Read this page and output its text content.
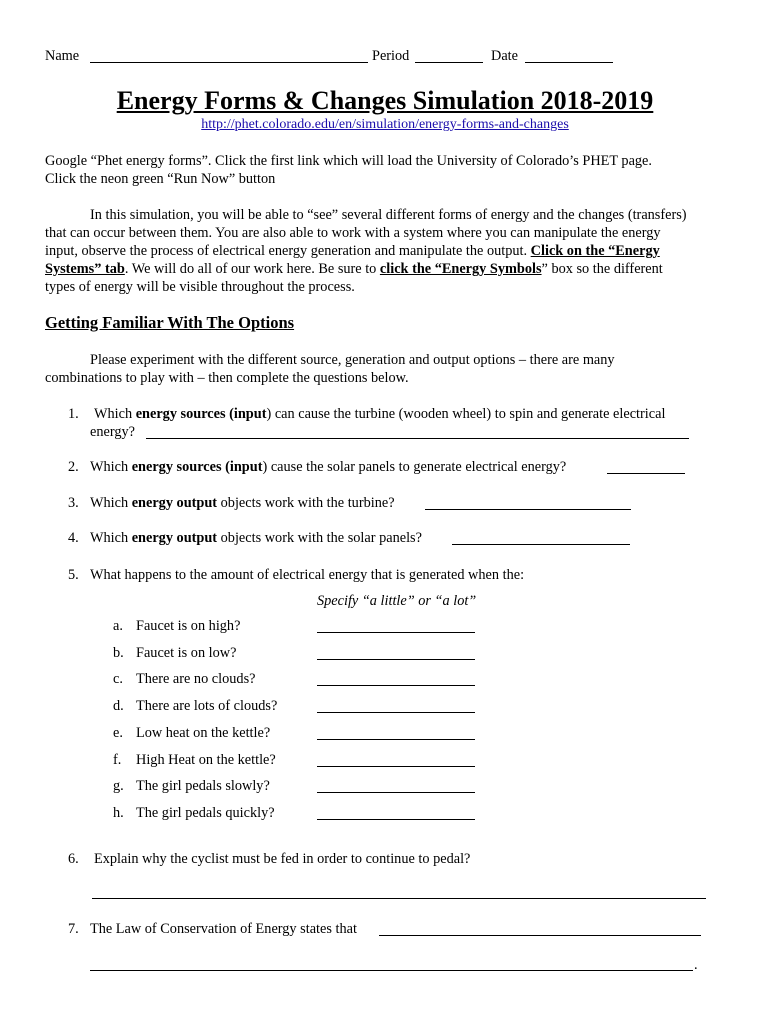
Name	Period	Date
Energy Forms & Changes Simulation 2018-2019
http://phet.colorado.edu/en/simulation/energy-forms-and-changes
Google “Phet energy forms”. Click the first link which will load the University of Colorado’s PHET page.
Click the neon green “Run Now” button
In this simulation, you will be able to “see” several different forms of energy and the changes (transfers)
that can occur between them. You are also able to work with a system where you can manipulate the energy
input, observe the process of electrical energy generation and manipulate the output. Click on the “Energy
Systems” tab. We will do all of our work here. Be sure to click the “Energy Symbols” box so the different
types of energy will be visible throughout the process.
Getting Familiar With The Options
Please experiment with the different source, generation and output options – there are many
combinations to play with – then complete the questions below.
1. Which energy sources (input) can cause the turbine (wooden wheel) to spin and generate electrical
energy?
2. Which energy sources (input) cause the solar panels to generate electrical energy?
3. Which energy output objects work with the turbine?
4. Which energy output objects work with the solar panels?
5. What happens to the amount of electrical energy that is generated when the:
Specify “a little” or “a lot”
a. Faucet is on high?
b. Faucet is on low?
c. There are no clouds?
d. There are lots of clouds?
e. Low heat on the kettle?
f. High Heat on the kettle?
g. The girl pedals slowly?
h. The girl pedals quickly?
6. Explain why the cyclist must be fed in order to continue to pedal?
7. The Law of Conservation of Energy states that
.
